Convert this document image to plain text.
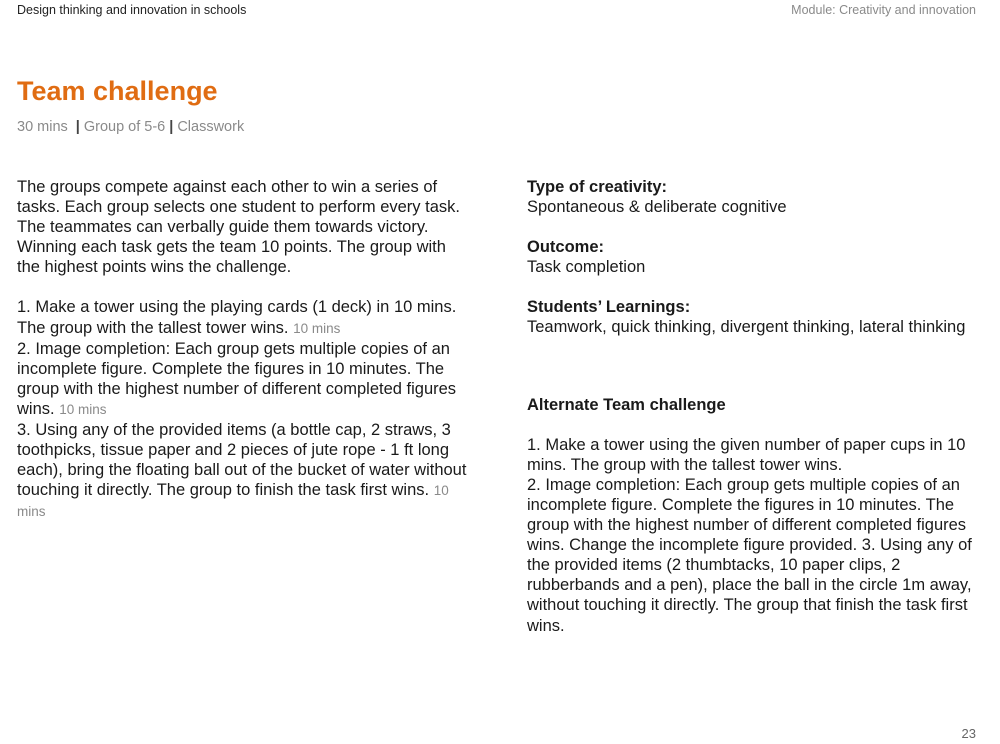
Design thinking and innovation in schools	Module: Creativity and innovation
Team challenge
30 mins | Group of 5-6 | Classwork

The groups compete against each other to win a series of tasks. Each group selects one student to perform every task. The teammates can verbally guide them towards victory. Winning each task gets the team 10 points. The group with the highest points wins the challenge.

1. Make a tower using the playing cards (1 deck) in 10 mins. The group with the tallest tower wins. 10 mins

2. Image completion: Each group gets multiple copies of an incomplete figure. Complete the figures in 10 minutes. The group with the highest number of different completed figures wins. 10 mins

3. Using any of the provided items (a bottle cap, 2 straws, 3 toothpicks, tissue paper and 2 pieces of jute rope - 1 ft long each), bring the floating ball out of the bucket of water without touching it directly. The group to finish the task first wins. 10 mins

Type of creativity:

Spontaneous & deliberate cognitive

Outcome:

Task completion

Students’ Learnings:

Teamwork, quick thinking, divergent thinking, lateral thinking

Alternate Team challenge

1. Make a tower using the given number of paper cups in 10 mins. The group with the tallest tower wins.

2. Image completion: Each group gets multiple copies of an incomplete figure. Complete the figures in 10 minutes. The group with the highest number of different completed figures wins. Change the incomplete figure provided. 3. Using any of the provided items (2 thumbtacks, 10 paper clips, 2 rubberbands and a pen), place the ball in the circle 1m away, without touching it directly. The group that finish the task first wins.

23
